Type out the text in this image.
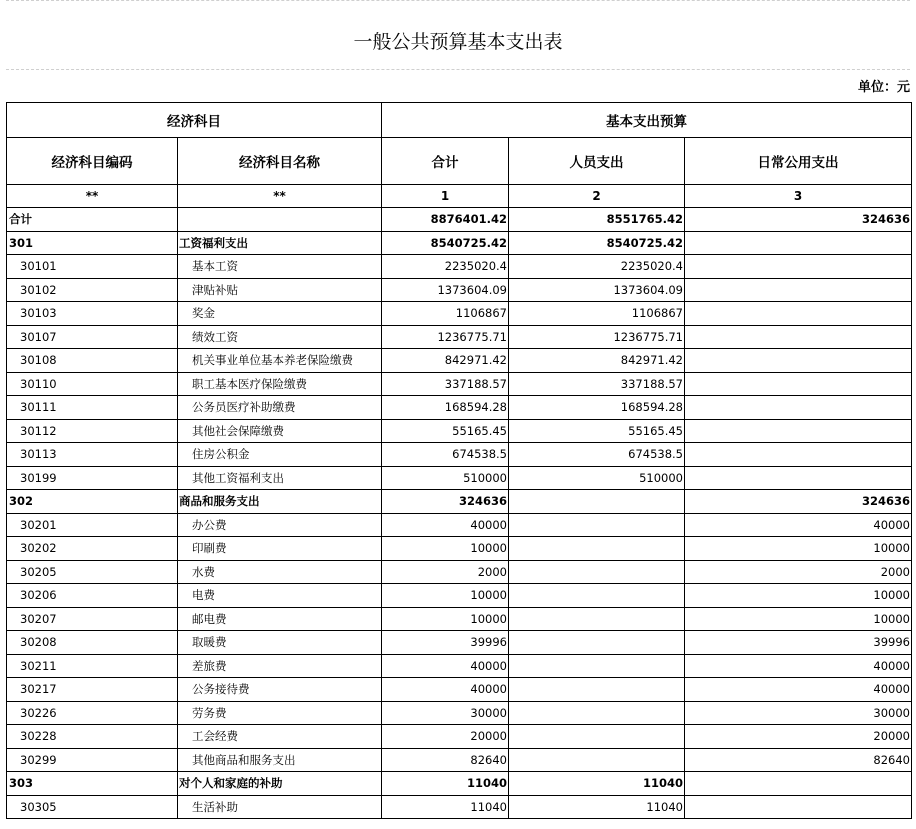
一般公共预算基本支出表
单位：元
经济科目		基本支出预算		
经济科目编码	经济科目名称	合计	人员支出	日常公用支出
**	**	1	2	3
合计		8876401.42	8551765.42	324636
301	工资福利支出	8540725.42	8540725.42	
30101	基本工资	2235020.4	2235020.4	
30102	津贴补贴	1373604.09	1373604.09	
30103	奖金	1106867	1106867	
30107	绩效工资	1236775.71	1236775.71	
30108	机关事业单位基本养老保险缴费	842971.42	842971.42	
30110	职工基本医疗保险缴费	337188.57	337188.57	
30111	公务员医疗补助缴费	168594.28	168594.28	
30112	其他社会保障缴费	55165.45	55165.45	
30113	住房公积金	674538.5	674538.5	
30199	其他工资福利支出	510000	510000	
302	商品和服务支出	324636		324636
30201	办公费	40000		40000
30202	印刷费	10000		10000
30205	水费	2000		2000
30206	电费	10000		10000
30207	邮电费	10000		10000
30208	取暖费	39996		39996
30211	差旅费	40000		40000
30217	公务接待费	40000		40000
30226	劳务费	30000		30000
30228	工会经费	20000		20000
30299	其他商品和服务支出	82640		82640
303	对个人和家庭的补助	11040	11040	
30305	生活补助	11040	11040	
